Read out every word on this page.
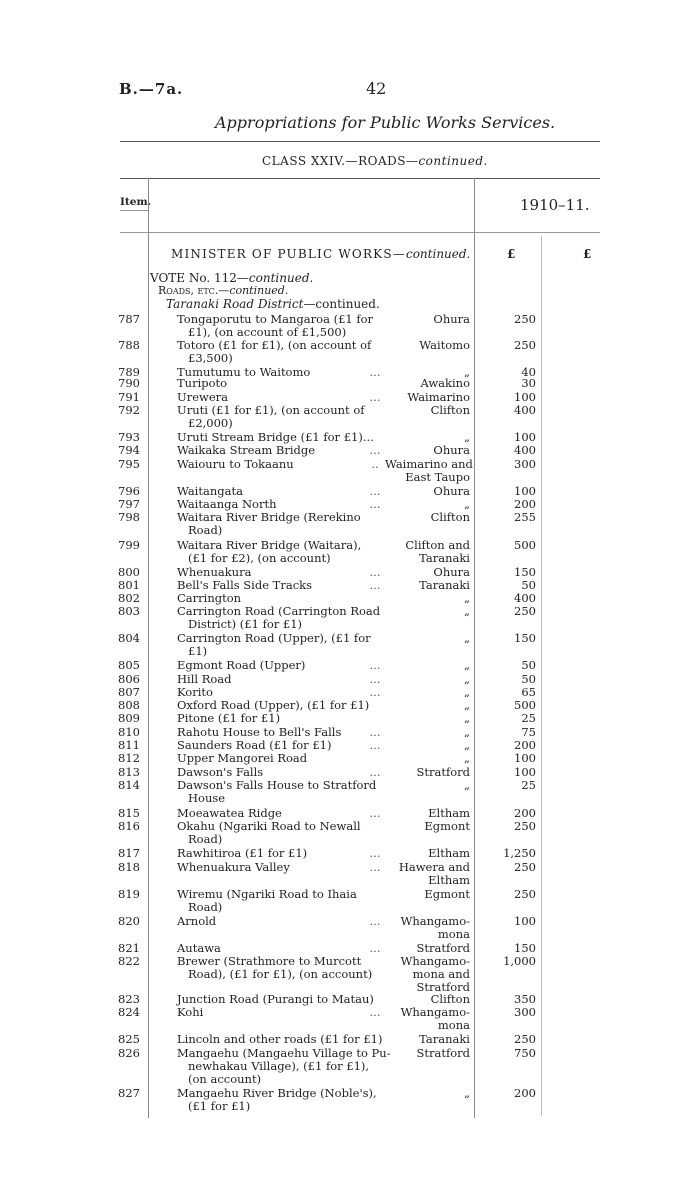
B.—7a.	42
Appropriations for Public Works Services.
CLASS XXIV.—ROADS—continued.
Item.	1910–11.
£	£
MINISTER OF PUBLIC WORKS—continued.
VOTE No. 112—continued.
Roads, etc.—continued.
Taranaki Road District—continued.
787	Tongaporutu to Mangaroa (£1 for	Ohura	250
£1), (on account of £1,500)
788	Totoro (£1 for £1), (on account of	Waitomo	250
£3,500)
789	Tumutumu to Waitomo	...	„	40
790	Turipoto	Awakino	30
791	Urewera	...	Waimarino	100
792	Uruti (£1 for £1), (on account of	Clifton	400
£2,000)
793	Uruti Stream Bridge (£1 for £1)...	„	100
794	Waikaka Stream Bridge	...	Ohura	400
795	Waiouru to Tokaanu	.. Waimarino and	300
East Taupo
796	Waitangata	...	Ohura	100
797	Waitaanga North	...	„	200
798	Waitara River Bridge (Rerekino	Clifton	255
Road)
799	Waitara River Bridge (Waitara),	Clifton and	500
(£1 for £2), (on account)	Taranaki
800	Whenuakura	...	Ohura	150
801	Bell's Falls Side Tracks	...	Taranaki	50
802	Carrington	„	400
803	Carrington Road (Carrington Road	„	250
District) (£1 for £1)
804	Carrington Road (Upper), (£1 for	„	150
£1)
805	Egmont Road (Upper)	...	„	50
806	Hill Road	...	„	50
807	Korito	...	„	65
808	Oxford Road (Upper), (£1 for £1)	„	500
809	Pitone (£1 for £1)	„	25
810	Rahotu House to Bell's Falls	...	„	75
811	Saunders Road (£1 for £1)	...	„	200
812	Upper Mangorei Road	„	100
813	Dawson's Falls	...	Stratford	100
814	Dawson's Falls House to Stratford	„	25
House
815	Moeawatea Ridge	...	Eltham	200
816	Okahu (Ngariki Road to Newall	Egmont	250
Road)
817	Rawhitiroa (£1 for £1)	...	Eltham	1,250
818	Whenuakura Valley	...	Hawera and	250
Eltham
819	Wiremu (Ngariki Road to Ihaia	Egmont	250
Road)
820	Arnold	...	Whangamo-	100
mona
821	Autawa	...	Stratford	150
822	Brewer (Strathmore to Murcott	Whangamo-	1,000
Road), (£1 for £1), (on account)	mona and
Stratford
823	Junction Road (Purangi to Matau)	Clifton	350
824	Kohi	...	Whangamo-	300
mona
825	Lincoln and other roads (£1 for £1)	Taranaki	250
826	Mangaehu (Mangaehu Village to Pu-	Stratford	750
newhakau Village), (£1 for £1),
(on account)
827	Mangaehu River Bridge (Noble's),	„	200
(£1 for £1)
